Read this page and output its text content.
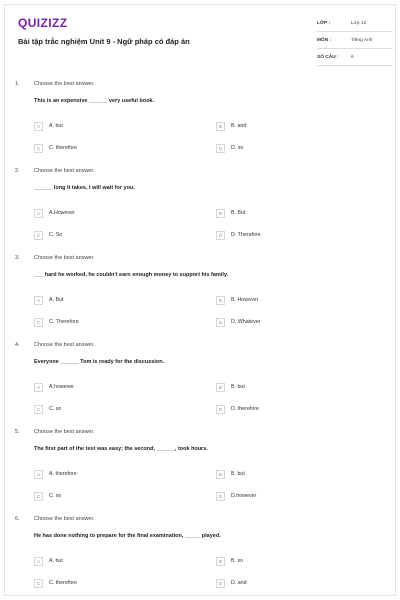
QUIZIZZ
Bài tập trắc nghiệm Unit 9 - Ngữ pháp có đáp án
LỚP :	Lớp 12
MÔN :	Tiếng Anh
SỐ CÂU :	6
1.	Choose the best answer.
This is an expensive ______ very useful book.
A	A. but	B	B. and
C	C. therefore	D	D. so
2.	Choose the best answer.
______ long it takes, I will wait for you.
A	A.However	B	B. But
C	C. So	D	D. Therefore
3.	Choose the best answer.
___ hard he worked, he couldn't earn enough money to support his family.
A	A. But	B	B. However
C	C. Therefore	D	D. Whatever
4.	Choose the best answer.
Everyone ______ Tom is ready for the discussion.
A	A.however	B	B. but
C	C. so	D	D. therefore
5.	Choose the best answer.
The first part of the test was easy; the second, ______, took hours.
A	A. therefore	B	B. but
C	C. so	D	D.however
6.	Choose the best answer.
He has done nothing to prepare for the final examination, _____ played.
A	A. but	B	B. so
C	C. therefore	D	D. and
